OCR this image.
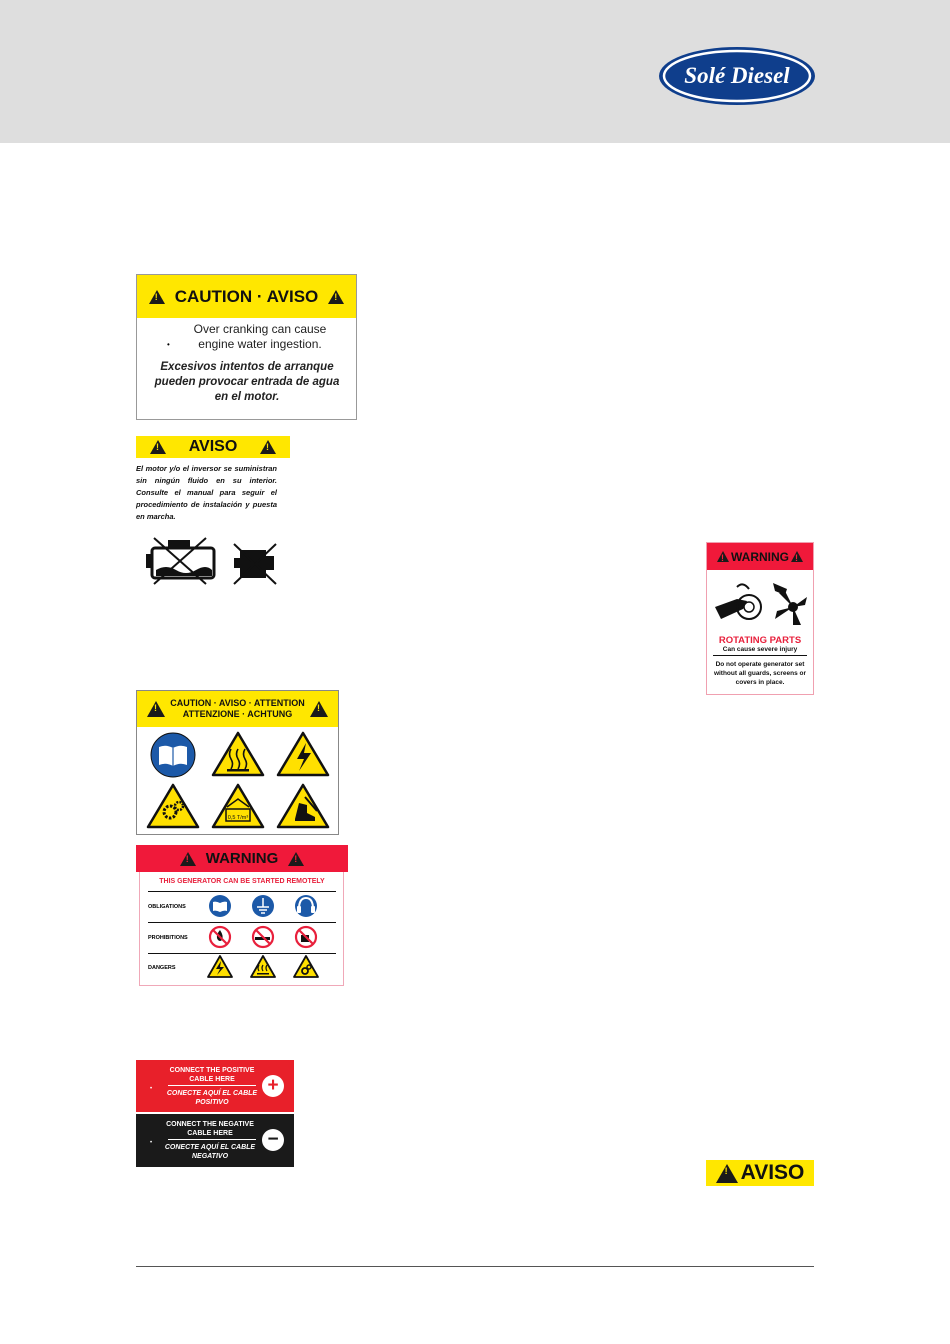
Solé Diesel
!
CAUTION · AVISO
!
•
Over cranking can cause engine water ingestion.
Excesivos intentos de arranque pueden provocar entrada de agua en el motor.
!
AVISO
!
El motor y/o el inversor se suministran sin ningún fluido en su interior. Consulte el manual para seguir el procedimiento de instalación y puesta en marcha.
!
WARNING
!
ROTATING PARTS
Can cause severe injury
Do not operate generator set without all guards, screens or covers in place.
!
CAUTION · AVISO · ATTENTION
ATTENZIONE · ACHTUNG
!
0,5 T/m³
!
WARNING
!
THIS GENERATOR CAN BE STARTED REMOTELY
OBLIGATIONS
PROHIBITIONS
DANGERS
•
CONNECT THE POSITIVE CABLE HERE
CONECTE AQUÍ EL CABLE POSITIVO
+
•
CONNECT THE NEGATIVE CABLE HERE
CONECTE AQUÍ EL CABLE NEGATIVO
−
!
AVISO
